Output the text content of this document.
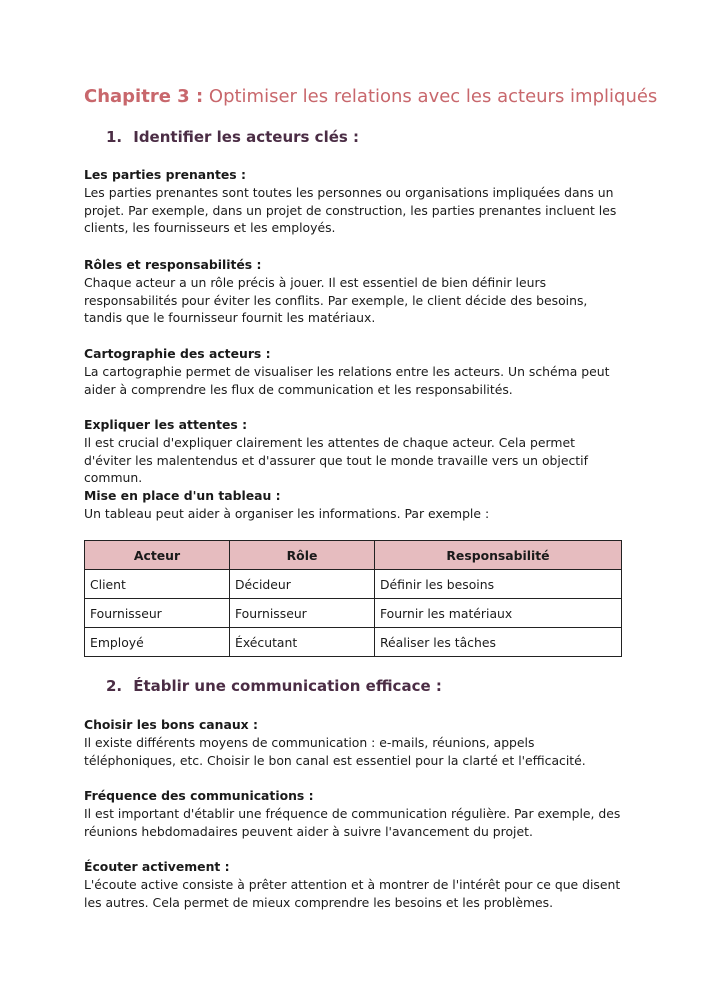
Chapitre 3 : Optimiser les relations avec les acteurs impliqués
1. Identifier les acteurs clés :
Les parties prenantes :
Les parties prenantes sont toutes les personnes ou organisations impliquées dans un projet. Par exemple, dans un projet de construction, les parties prenantes incluent les clients, les fournisseurs et les employés.
Rôles et responsabilités :
Chaque acteur a un rôle précis à jouer. Il est essentiel de bien définir leurs responsabilités pour éviter les conflits. Par exemple, le client décide des besoins, tandis que le fournisseur fournit les matériaux.
Cartographie des acteurs :
La cartographie permet de visualiser les relations entre les acteurs. Un schéma peut aider à comprendre les flux de communication et les responsabilités.
Expliquer les attentes :
Il est crucial d'expliquer clairement les attentes de chaque acteur. Cela permet d'éviter les malentendus et d'assurer que tout le monde travaille vers un objectif commun.
Mise en place d'un tableau :
Un tableau peut aider à organiser les informations. Par exemple :
Acteur	Rôle	Responsabilité
Client	Décideur	Définir les besoins
Fournisseur	Fournisseur	Fournir les matériaux
Employé	Éxécutant	Réaliser les tâches
2. Établir une communication efficace :
Choisir les bons canaux :
Il existe différents moyens de communication : e-mails, réunions, appels téléphoniques, etc. Choisir le bon canal est essentiel pour la clarté et l'efficacité.
Fréquence des communications :
Il est important d'établir une fréquence de communication régulière. Par exemple, des réunions hebdomadaires peuvent aider à suivre l'avancement du projet.
Écouter activement :
L'écoute active consiste à prêter attention et à montrer de l'intérêt pour ce que disent les autres. Cela permet de mieux comprendre les besoins et les problèmes.
